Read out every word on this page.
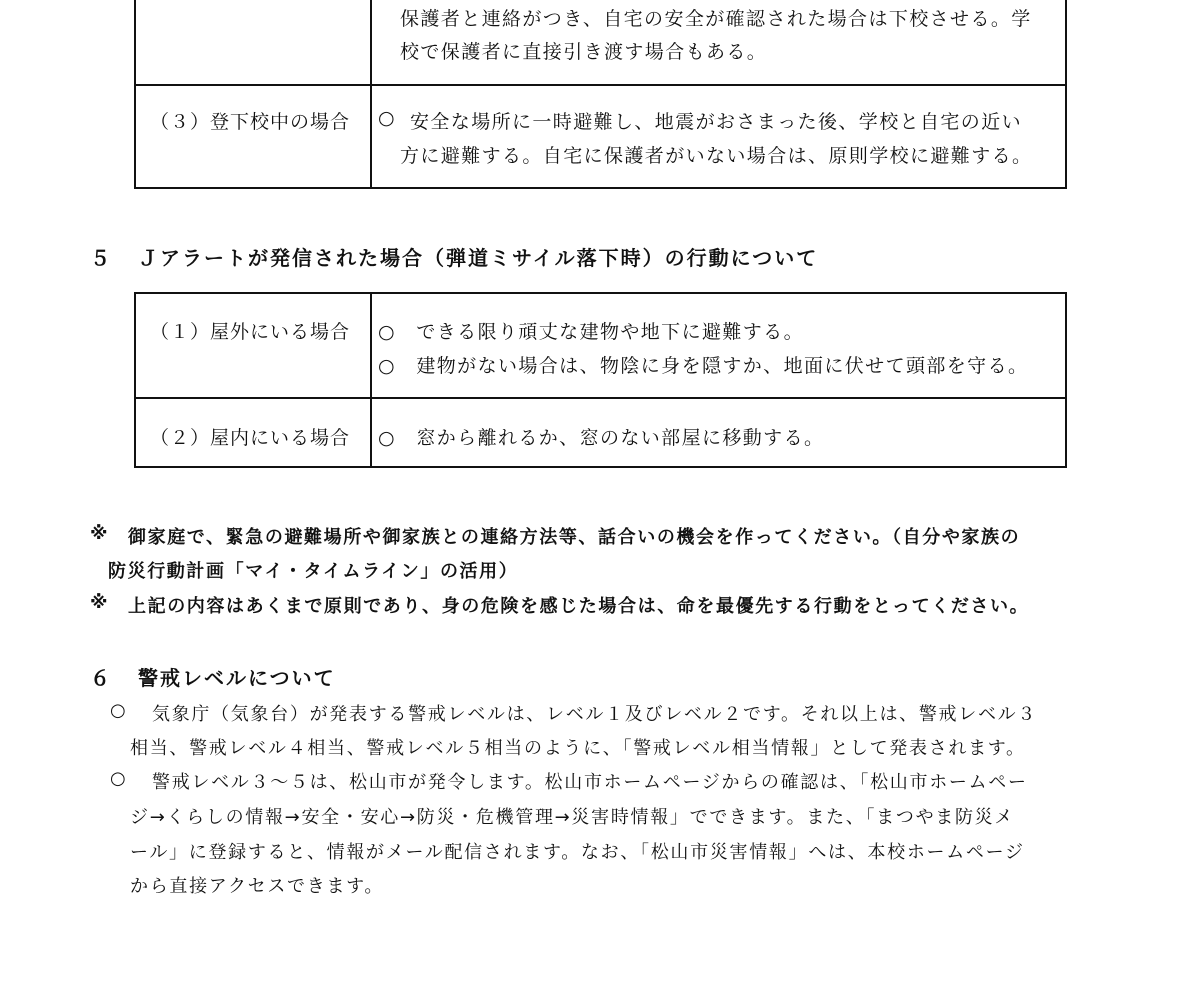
保護者と連絡がつき、自宅の安全が確認された場合は下校させる。学
校で保護者に直接引き渡す場合もある。
（３）登下校中の場合 ○ 安全な場所に一時避難し、地震がおさまった後、学校と自宅の近い
方に避難する。自宅に保護者がいない場合は、原則学校に避難する。
５ Ｊアラートが発信された場合（弾道ミサイル落下時）の行動について
（１）屋外にいる場合 ○　できる限り頑丈な建物や地下に避難する。
○　建物がない場合は、物陰に身を隠すか、地面に伏せて頭部を守る。
（２）屋内にいる場合 ○　窓から離れるか、窓のない部屋に移動する。
※ 御家庭で、緊急の避難場所や御家族との連絡方法等、話合いの機会を作ってください。（自分や家族の
防災行動計画「マイ・タイムライン」の活用）
※ 上記の内容はあくまで原則であり、身の危険を感じた場合は、命を最優先する行動をとってください。
６ 警戒レベルについて
○ 気象庁（気象台）が発表する警戒レベルは、レベル１及びレベル２です。それ以上は、警戒レベル３
相当、警戒レベル４相当、警戒レベル５相当のように、「警戒レベル相当情報」として発表されます。
○ 警戒レベル３～５は、松山市が発令します。松山市ホームページからの確認は、「松山市ホームペー
ジ→くらしの情報→安全・安心→防災・危機管理→災害時情報」でできます。また、「まつやま防災メ
ール」に登録すると、情報がメール配信されます。なお、「松山市災害情報」へは、本校ホームページ
から直接アクセスできます。
